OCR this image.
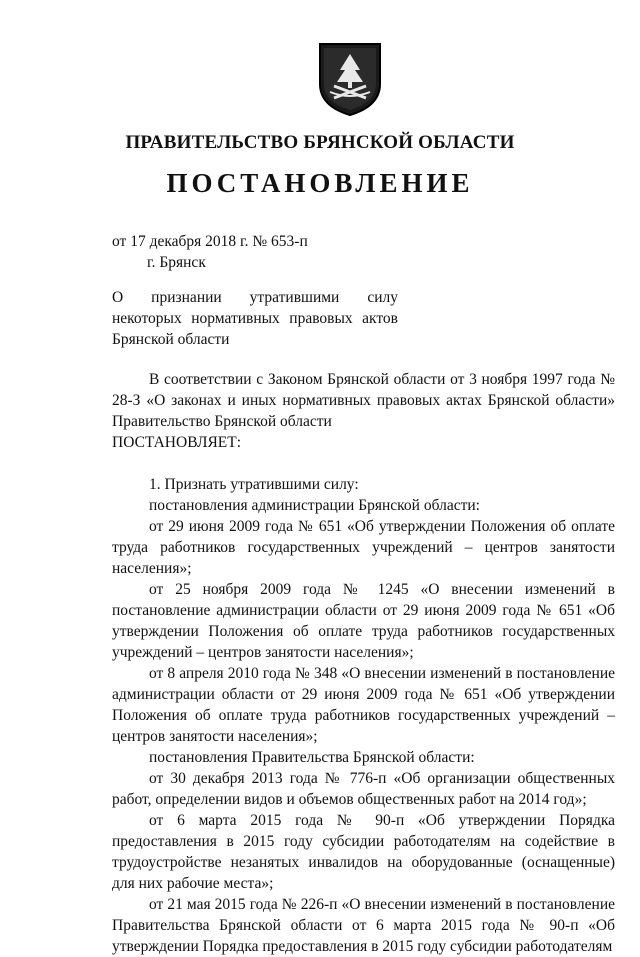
ПРАВИТЕЛЬСТВО БРЯНСКОЙ ОБЛАСТИ
ПОСТАНОВЛЕНИЕ
от 17 декабря 2018 г. № 653-п
г. Брянск
О признании утратившими силу некоторых нормативных правовых актов Брянской области

В соответствии с Законом Брянской области от 3 ноября 1997 года № 28-З «О законах и иных нормативных правовых актах Брянской области» Правительство Брянской области

ПОСТАНОВЛЯЕТ:

1. Признать утратившими силу:

постановления администрации Брянской области:

от 29 июня 2009 года № 651 «Об утверждении Положения об оплате труда работников государственных учреждений – центров занятости населения»;

от 25 ноября 2009 года № 1245 «О внесении изменений в постановление администрации области от 29 июня 2009 года № 651 «Об утверждении Положения об оплате труда работников государственных учреждений – центров занятости населения»;

от 8 апреля 2010 года № 348 «О внесении изменений в постановление администрации области от 29 июня 2009 года № 651 «Об утверждении Положения об оплате труда работников государственных учреждений – центров занятости населения»;

постановления Правительства Брянской области:

от 30 декабря 2013 года № 776-п «Об организации общественных работ, определении видов и объемов общественных работ на 2014 год»;

от 6 марта 2015 года № 90-п «Об утверждении Порядка предоставления в 2015 году субсидии работодателям на содействие в трудоустройстве незанятых инвалидов на оборудованные (оснащенные) для них рабочие места»;

от 21 мая 2015 года № 226-п «О внесении изменений в постановление Правительства Брянской области от 6 марта 2015 года № 90-п «Об утверждении Порядка предоставления в 2015 году субсидии работодателям
